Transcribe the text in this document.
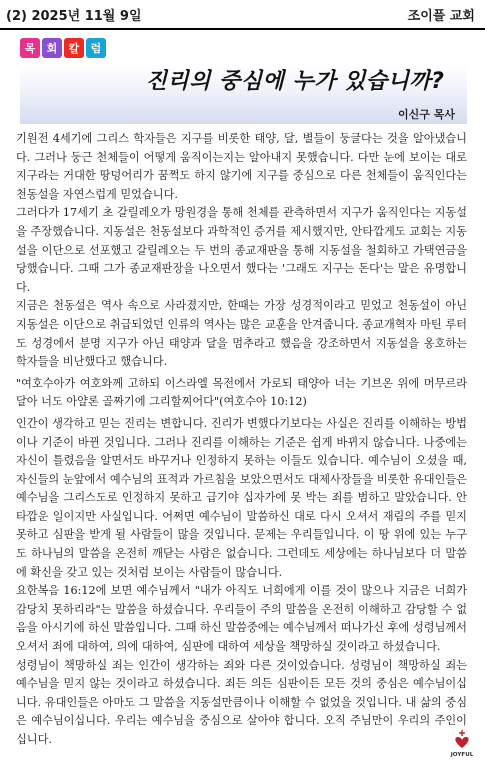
(2) 2025년 11월 9일	조이플 교회
목	회	칼	럼
진리의 중심에 누가 있습니까?
이신구 목사

기원전 4세기에 그리스 학자들은 지구를 비롯한 태양, 달, 별들이 둥글다는 것을 알아냈습니다. 그러나 둥근 천체들이 어떻게 움직이는지는 알아내지 못했습니다. 다만 눈에 보이는 대로 지구라는 거대한 땅덩어리가 꿈쩍도 하지 않기에 지구를 중심으로 다른 천체들이 움직인다는 천동설을 자연스럽게 믿었습니다.

그러다가 17세기 초 갈릴레오가 망원경을 통해 천체를 관측하면서 지구가 움직인다는 지동설을 주장했습니다. 지동설은 천동설보다 과학적인 증거를 제시했지만, 안타깝게도 교회는 지동설을 이단으로 선포했고 갈릴레오는 두 번의 종교재판을 통해 지동설을 철회하고 가택연금을 당했습니다. 그때 그가 종교재판장을 나오면서 했다는 '그래도 지구는 돈다'는 말은 유명합니다.

지금은 천동설은 역사 속으로 사라졌지만, 한때는 가장 성경적이라고 믿었고 천동설이 아닌 지동설은 이단으로 취급되었던 인류의 역사는 많은 교훈을 안겨줍니다. 종교개혁자 마틴 루터도 성경에서 분명 지구가 아닌 태양과 달을 멈추라고 했음을 강조하면서 지동설을 옹호하는 학자들을 비난했다고 했습니다.

"여호수아가 여호와께 고하되 이스라엘 목전에서 가로되 태양아 너는 기브온 위에 머무르라 달아 너도 아얄론 골짜기에 그리할찌어다"(여호수아 10:12)

인간이 생각하고 믿는 진리는 변합니다. 진리가 변했다기보다는 사실은 진리를 이해하는 방법이나 기준이 바뀐 것입니다. 그러나 진리를 이해하는 기준은 쉽게 바뀌지 않습니다. 나중에는 자신이 틀렸음을 알면서도 바꾸거나 인정하지 못하는 이들도 있습니다. 예수님이 오셨을 때, 자신들의 눈앞에서 예수님의 표적과 가르침을 보았으면서도 대제사장들을 비롯한 유대인들은 예수님을 그리스도로 인정하지 못하고 급기야 십자가에 못 박는 죄를 범하고 말았습니다. 안타깝운 일이지만 사실입니다. 어쩌면 예수님이 말씀하신 대로 다시 오셔서 재림의 주를 믿지 못하고 심판을 받게 될 사람들이 많을 것입니다. 문제는 우리들입니다. 이 땅 위에 있는 누구도 하나님의 말씀을 온전히 깨닫는 사람은 없습니다. 그런데도 세상에는 하나님보다 더 말씀에 확신을 갖고 있는 것처럼 보이는 사람들이 많습니다.

요한복음 16:12에 보면 예수님께서 "내가 아직도 너희에게 이를 것이 많으나 지금은 너희가 감당치 못하리라"는 말씀을 하셨습니다. 우리들이 주의 말씀을 온전히 이해하고 감당할 수 없음을 아시기에 하신 말씀입니다. 그때 하신 말씀중에는 예수님께서 떠나가신 후에 성령님께서 오셔서 죄에 대하여, 의에 대하여, 심판에 대하여 세상을 책망하실 것이라고 하셨습니다.

성령님이 책망하실 죄는 인간이 생각하는 죄와 다른 것이었습니다. 성령님이 책망하실 죄는 예수님을 믿지 않는 것이라고 하셨습니다. 죄든 의든 심판이든 모든 것의 중심은 예수님이십니다. 유대인들은 아마도 그 말씀을 지동설만큼이나 이해할 수 없었을 것입니다. 내 삶의 중심은 예수님이십니다. 우리는 예수님을 중심으로 살아야 합니다. 오직 주님만이 우리의 주인이십니다.

JOYFUL
